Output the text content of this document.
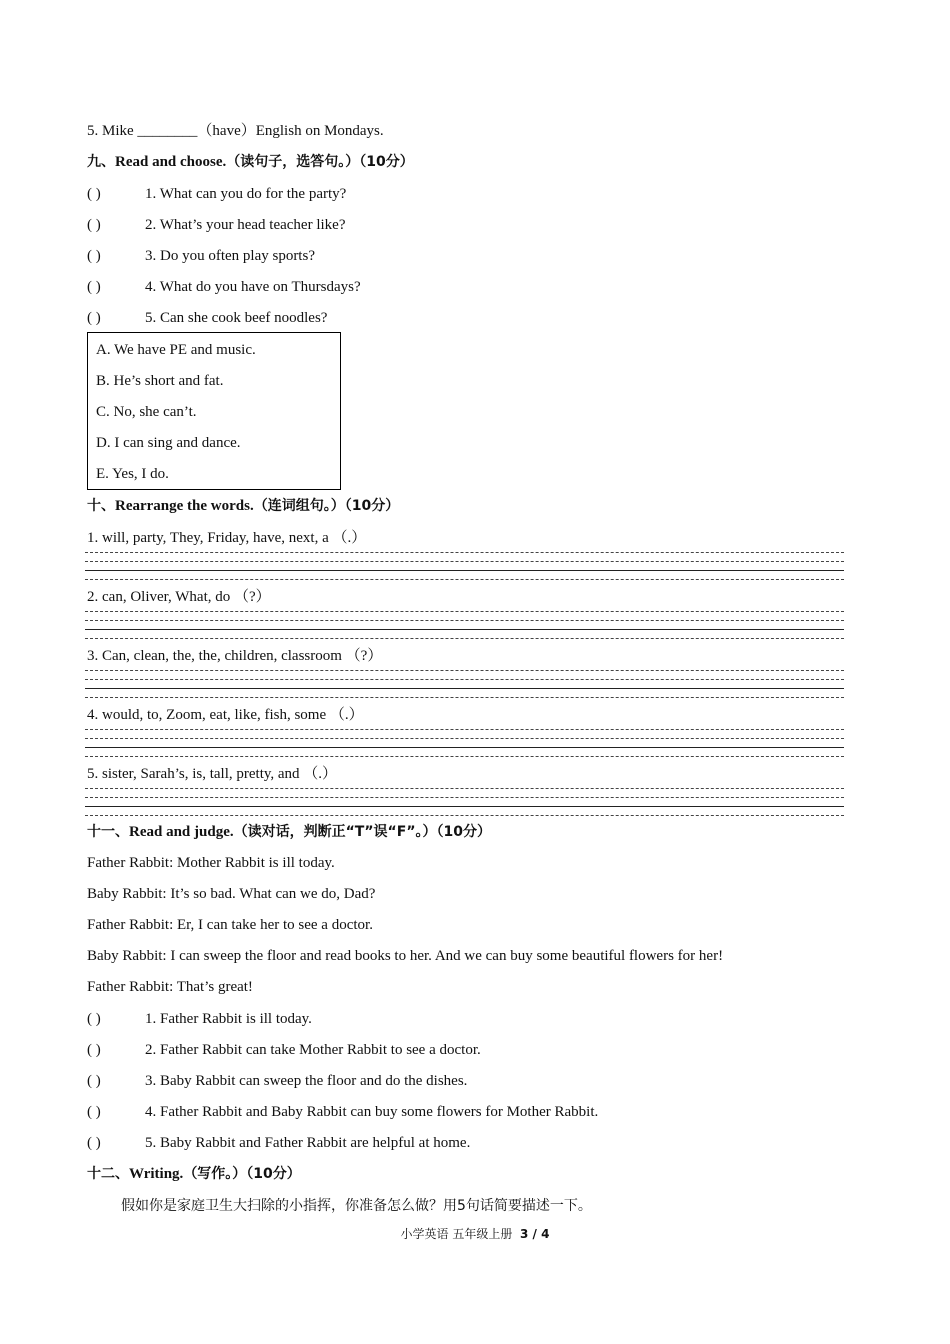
5. Mike ________（have）English on Mondays.
九、Read and choose.（读句子，选答句。）（10分）
( )	1. What can you do for the party?
( )	2. What’s your head teacher like?
( )	3. Do you often play sports?
( )	4. What do you have on Thursdays?
( )	5. Can she cook beef noodles?
A. We have PE and music.
B. He’s short and fat.
C. No, she can’t.
D. I can sing and dance.
E. Yes, I do.
十、Rearrange the words.（连词组句。）（10分）
1. will, party, They, Friday, have, next, a （.）
2. can, Oliver, What, do （?）
3. Can, clean, the, the, children, classroom （?）
4. would, to, Zoom, eat, like, fish, some （.）
5. sister, Sarah’s, is, tall, pretty, and （.）
十一、Read and judge.（读对话，判断正“T”误“F”。）（10分）
Father Rabbit: Mother Rabbit is ill today.
Baby Rabbit: It’s so bad. What can we do, Dad?
Father Rabbit: Er, I can take her to see a doctor.
Baby Rabbit: I can sweep the floor and read books to her. And we can buy some beautiful flowers for her!
Father Rabbit: That’s great!
( )	1. Father Rabbit is ill today.
( )	2. Father Rabbit can take Mother Rabbit to see a doctor.
( )	3. Baby Rabbit can sweep the floor and do the dishes.
( )	4. Father Rabbit and Baby Rabbit can buy some flowers for Mother Rabbit.
( )	5. Baby Rabbit and Father Rabbit are helpful at home.
十二、Writing.（写作。）（10分）
假如你是家庭卫生大扫除的小指挥，你准备怎么做？用5句话简要描述一下。
小学英语 五年级上册 3 / 4
